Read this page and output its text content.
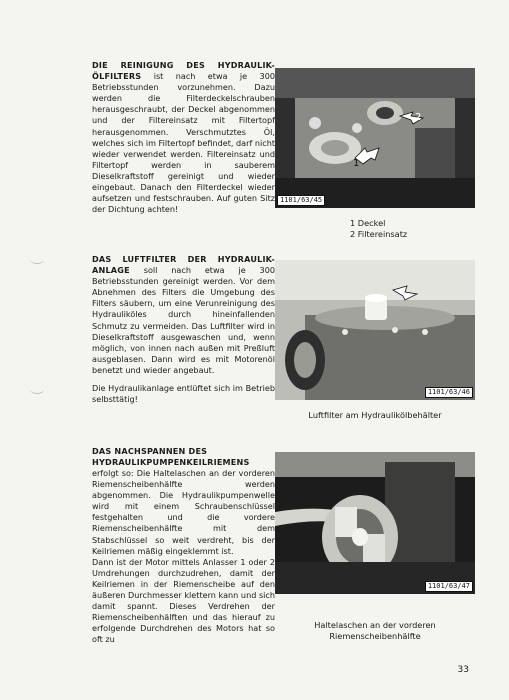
DIE REINIGUNG DES HYDRAULIK-ÖLFILTERS ist nach etwa je 300 Betriebsstunden vorzunehmen. Dazu werden die Filterdeckelschrauben herausgeschraubt, der Deckel abgenommen und der Filtereinsatz mit Filtertopf herausgenommen. Verschmutztes Öl, welches sich im Filtertopf befindet, darf nicht wieder verwendet werden. Filtereinsatz und Filtertopf werden in sauberem Dieselkraftstoff gereinigt und wieder eingebaut. Danach den Filterdeckel wieder aufsetzen und festschrauben. Auf guten Sitz der Dichtung achten!

1
2
1101/63/45
1 Deckel
2 Filtereinsatz

DAS LUFTFILTER DER HYDRAULIK-ANLAGE soll nach etwa je 300 Betriebsstunden gereinigt werden. Vor dem Abnehmen des Filters die Umgebung des Filters säubern, um eine Verunreinigung des Hydrauliköles durch hineinfallenden Schmutz zu vermeiden. Das Luftfilter wird in Dieselkraftstoff ausgewaschen und, wenn möglich, von innen nach außen mit Preßluft ausgeblasen. Dann wird es mit Motorenöl benetzt und wieder angebaut.

Die Hydraulikanlage entlüftet sich im Betrieb selbsttätig!

1101/63/46
Luftfilter am Hydraulikölbehälter
DAS NACHSPANNEN DES
HYDRAULIKPUMPENKEILRIEMENS

erfolgt so: Die Haltelaschen an der vorderen Riemenscheibenhälfte werden abgenommen. Die Hydraulikpumpenwelle wird mit einem Schraubenschlüssel festgehalten und die vordere Riemenscheibenhälfte mit dem Stabschlüssel so weit verdreht, bis der Keilriemen mäßig eingeklemmt ist.

Dann ist der Motor mittels Anlasser 1 oder 2 Umdrehungen durchzudrehen, damit der Keilriemen in der Riemenscheibe auf den äußeren Durchmesser klettern kann und sich damit spannt. Dieses Verdrehen der Riemenscheibenhälften und das hierauf zu erfolgende Durchdrehen des Motors hat so oft zu

1101/63/47
Haltelaschen an der vorderen
Riemenscheibenhälfte
33
